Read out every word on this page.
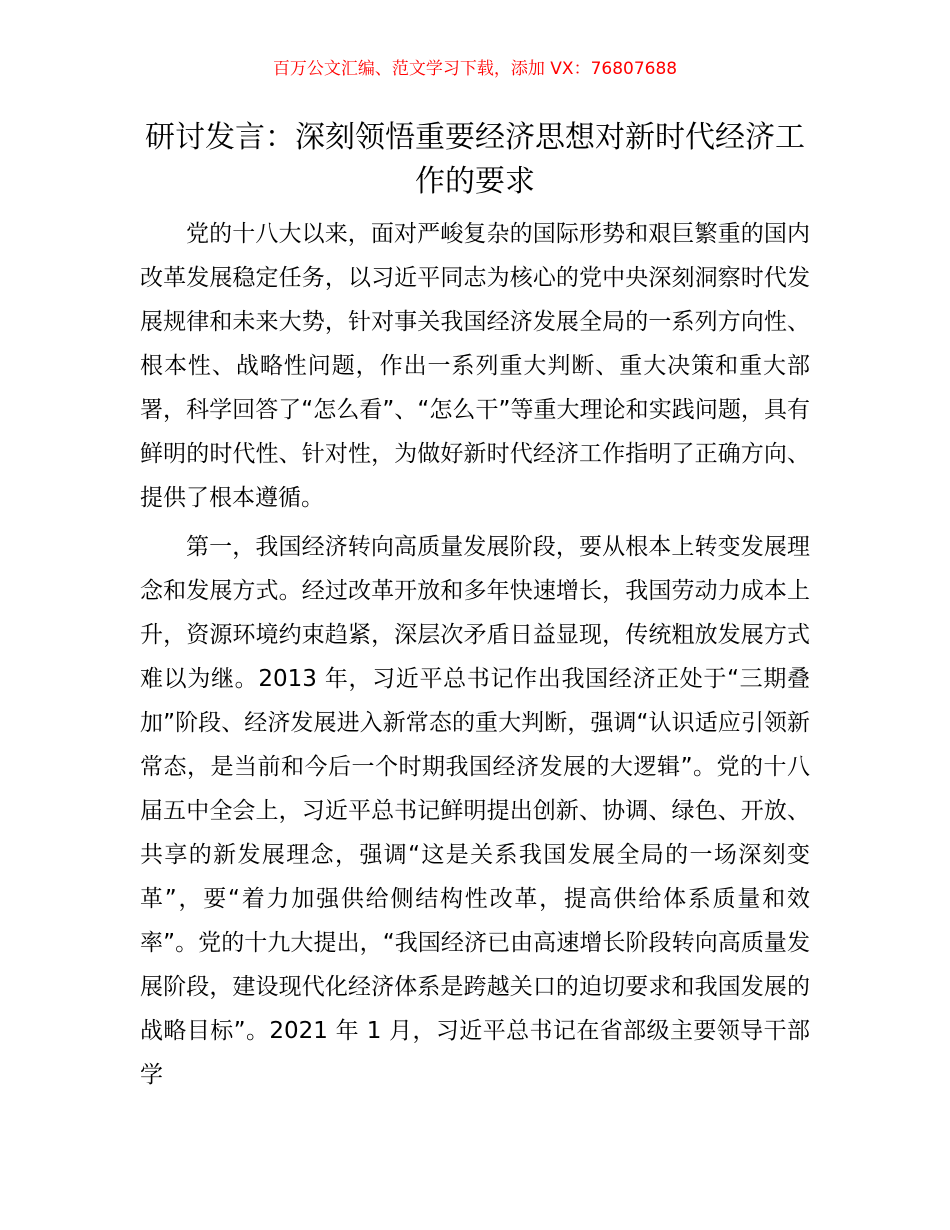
百万公文汇编、范文学习下载，添加 VX：76807688
研讨发言：深刻领悟重要经济思想对新时代经济工作的要求

党的十八大以来，面对严峻复杂的国际形势和艰巨繁重的国内改革发展稳定任务，以习近平同志为核心的党中央深刻洞察时代发展规律和未来大势，针对事关我国经济发展全局的一系列方向性、根本性、战略性问题，作出一系列重大判断、重大决策和重大部署，科学回答了“怎么看”、“怎么干”等重大理论和实践问题，具有鲜明的时代性、针对性，为做好新时代经济工作指明了正确方向、提供了根本遵循。

第一，我国经济转向高质量发展阶段，要从根本上转变发展理念和发展方式。经过改革开放和多年快速增长，我国劳动力成本上升，资源环境约束趋紧，深层次矛盾日益显现，传统粗放发展方式难以为继。2013 年，习近平总书记作出我国经济正处于“三期叠加”阶段、经济发展进入新常态的重大判断，强调“认识适应引领新常态，是当前和今后一个时期我国经济发展的大逻辑”。党的十八届五中全会上，习近平总书记鲜明提出创新、协调、绿色、开放、共享的新发展理念，强调“这是关系我国发展全局的一场深刻变革”，要“着力加强供给侧结构性改革，提高供给体系质量和效率”。党的十九大提出，“我国经济已由高速增长阶段转向高质量发展阶段，建设现代化经济体系是跨越关口的迫切要求和我国发展的战略目标”。2021 年 1 月，习近平总书记在省部级主要领导干部学
